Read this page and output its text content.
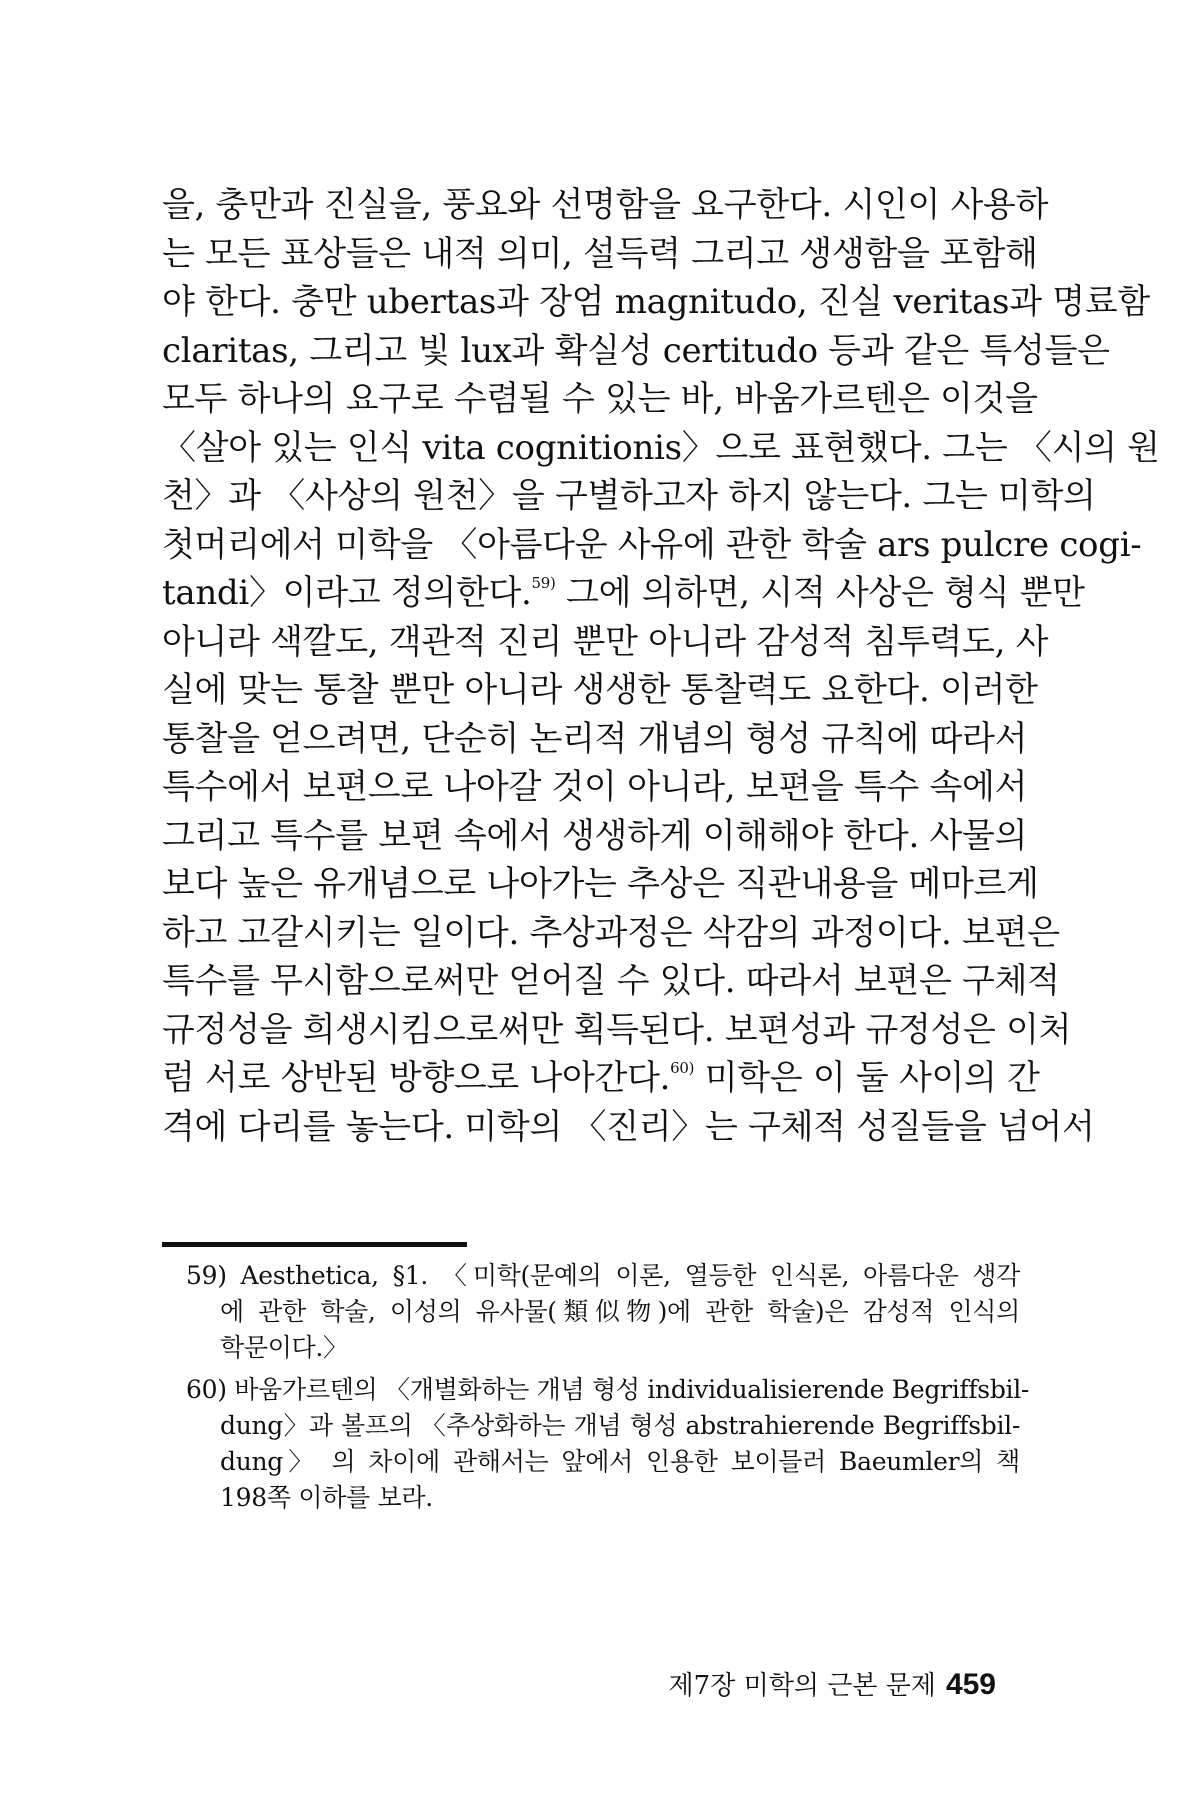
을, 충만과 진실을, 풍요와 선명함을 요구한다. 시인이 사용하
는 모든 표상들은 내적 의미, 설득력 그리고 생생함을 포함해
야 한다. 충만 ubertas과 장엄 magnitudo, 진실 veritas과 명료함
claritas, 그리고 빛 lux과 확실성 certitudo 등과 같은 특성들은
모두 하나의 요구로 수렴될 수 있는 바, 바움가르텐은 이것을
〈살아 있는 인식 vita cognitionis〉으로 표현했다. 그는 〈시의 원
천〉과 〈사상의 원천〉을 구별하고자 하지 않는다. 그는 미학의
첫머리에서 미학을 〈아름다운 사유에 관한 학술 ars pulcre cogi-
tandi〉이라고 정의한다.$^{59)}$ 그에 의하면, 시적 사상은 형식 뿐만
아니라 색깔도, 객관적 진리 뿐만 아니라 감성적 침투력도, 사
실에 맞는 통찰 뿐만 아니라 생생한 통찰력도 요한다. 이러한
통찰을 얻으려면, 단순히 논리적 개념의 형성 규칙에 따라서
특수에서 보편으로 나아갈 것이 아니라, 보편을 특수 속에서
그리고 특수를 보편 속에서 생생하게 이해해야 한다. 사물의
보다 높은 유개념으로 나아가는 추상은 직관내용을 메마르게
하고 고갈시키는 일이다. 추상과정은 삭감의 과정이다. 보편은
특수를 무시함으로써만 얻어질 수 있다. 따라서 보편은 구체적
규정성을 희생시킴으로써만 획득된다. 보편성과 규정성은 이처
럼 서로 상반된 방향으로 나아간다.$^{60)}$ 미학은 이 둘 사이의 간
격에 다리를 놓는다. 미학의 〈진리〉는 구체적 성질들을 넘어서
59) Aesthetica, §1. 〈미학(문예의 이론, 열등한 인식론, 아름다운 생각
에 관한 학술, 이성의 유사물(類似物)에 관한 학술)은 감성적 인식의
학문이다.〉
60) 바움가르텐의 〈개별화하는 개념 형성 individualisierende Begriffsbil-
dung〉과 볼프의 〈추상화하는 개념 형성 abstrahierende Begriffsbil-
dung〉 의 차이에 관해서는 앞에서 인용한 보이믈러 Baeumler의 책
198쪽 이하를 보라.
제7장 미학의 근본 문제 459
